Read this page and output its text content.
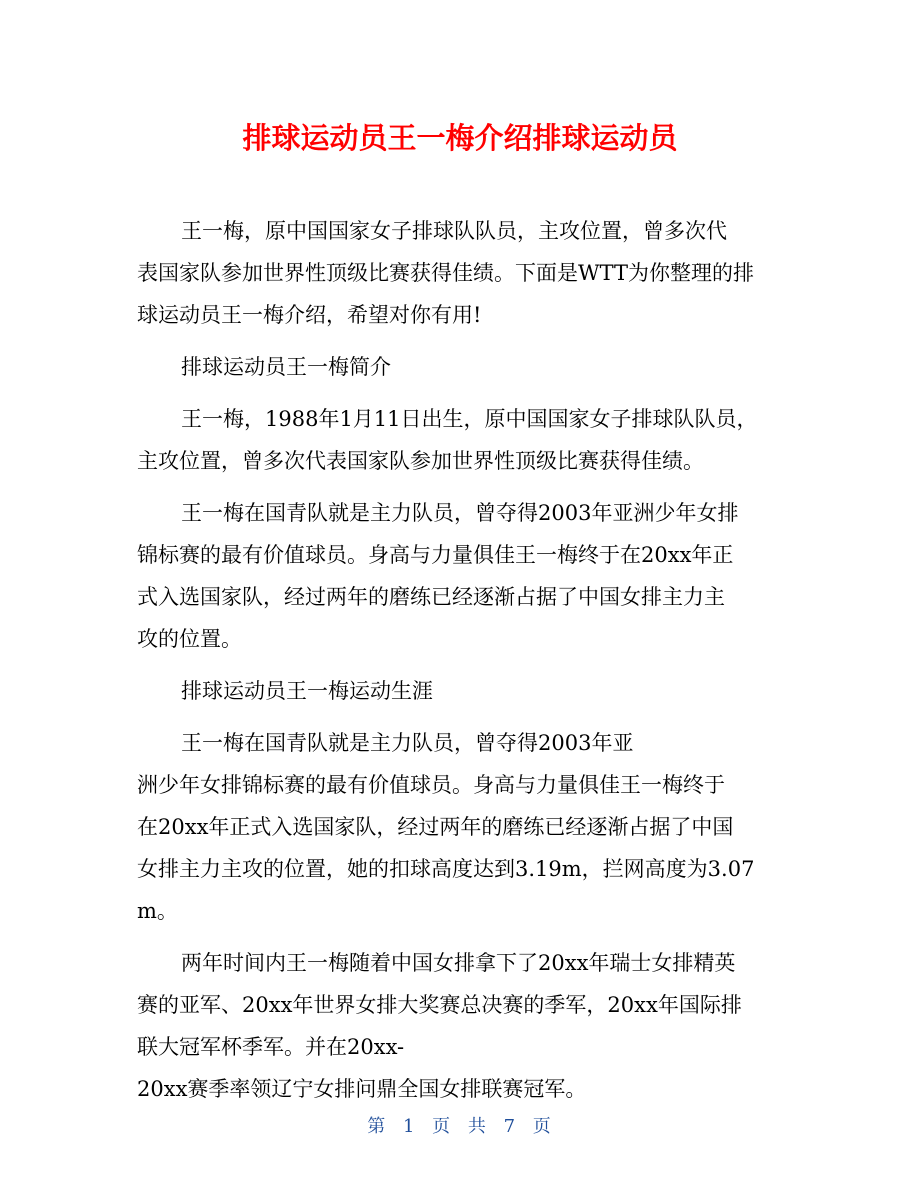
排球运动员王一梅介绍排球运动员
王一梅，原中国国家女子排球队队员，主攻位置，曾多次代
表国家队参加世界性顶级比赛获得佳绩。下面是WTT为你整理的排
球运动员王一梅介绍，希望对你有用!
排球运动员王一梅简介
王一梅，1988年1月11日出生，原中国国家女子排球队队员，
主攻位置，曾多次代表国家队参加世界性顶级比赛获得佳绩。
王一梅在国青队就是主力队员，曾夺得2003年亚洲少年女排
锦标赛的最有价值球员。身高与力量俱佳王一梅终于在20xx年正
式入选国家队，经过两年的磨练已经逐渐占据了中国女排主力主
攻的位置。
排球运动员王一梅运动生涯
王一梅在国青队就是主力队员，曾夺得2003年亚
洲少年女排锦标赛的最有价值球员。身高与力量俱佳王一梅终于
在20xx年正式入选国家队，经过两年的磨练已经逐渐占据了中国
女排主力主攻的位置，她的扣球高度达到3.19m，拦网高度为3.07
m。
两年时间内王一梅随着中国女排拿下了20xx年瑞士女排精英
赛的亚军、20xx年世界女排大奖赛总决赛的季军，20xx年国际排
联大冠军杯季军。并在20xx-
20xx赛季率领辽宁女排问鼎全国女排联赛冠军。
第 1 页 共 7 页
